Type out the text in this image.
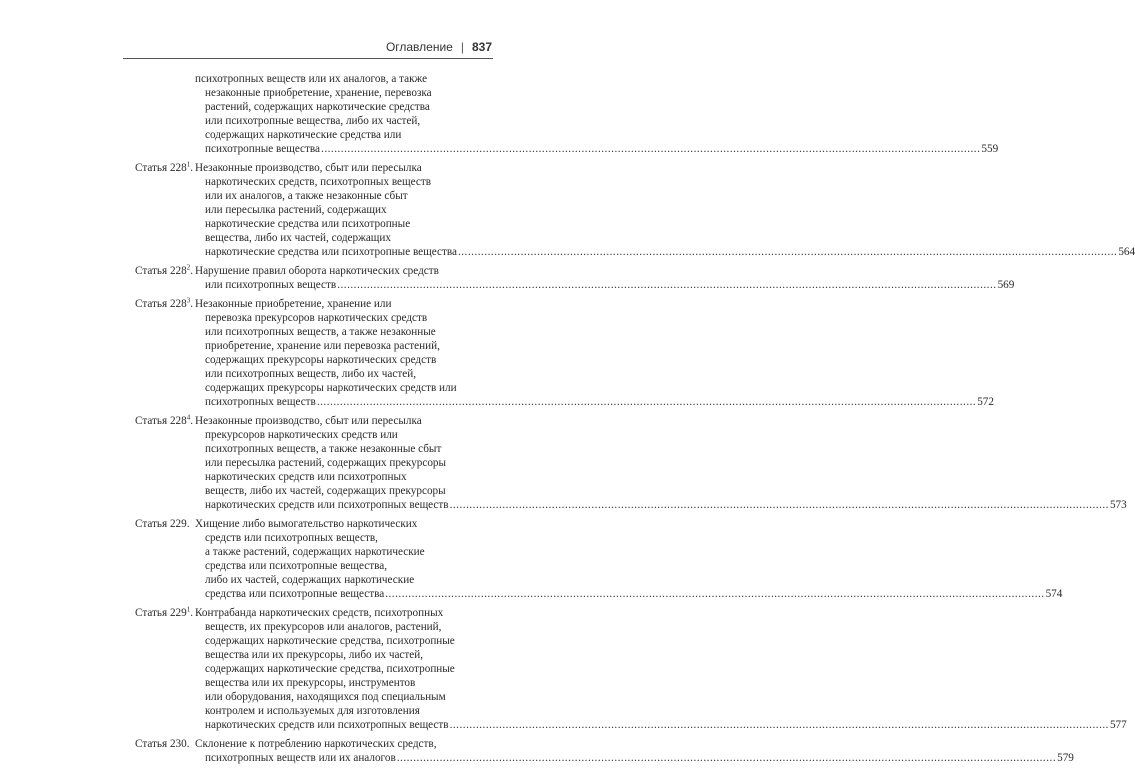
Оглавление | 837
психотропных веществ или их аналогов, а также
незаконные приобретение, хранение, перевозка
растений, содержащих наркотические средства
или психотропные вещества, либо их частей,
содержащих наркотические средства или
психотропные вещества ........................................................................................................................................................................................................ 559
Статья $228^1$. Незаконные производство, сбыт или пересылка
наркотических средств, психотропных веществ
или их аналогов, а также незаконные сбыт
или пересылка растений, содержащих
наркотические средства или психотропные
вещества, либо их частей, содержащих
наркотические средства или психотропные вещества ........................................................................................................................................................................................................ 564
Статья $228^2$. Нарушение правил оборота наркотических средств
или психотропных веществ ........................................................................................................................................................................................................ 569
Статья $228^3$. Незаконные приобретение, хранение или
перевозка прекурсоров наркотических средств
или психотропных веществ, а также незаконные
приобретение, хранение или перевозка растений,
содержащих прекурсоры наркотических средств
или психотропных веществ, либо их частей,
содержащих прекурсоры наркотических средств или
психотропных веществ ........................................................................................................................................................................................................ 572
Статья $228^4$. Незаконные производство, сбыт или пересылка
прекурсоров наркотических средств или
психотропных веществ, а также незаконные сбыт
или пересылка растений, содержащих прекурсоры
наркотических средств или психотропных
веществ, либо их частей, содержащих прекурсоры
наркотических средств или психотропных веществ ........................................................................................................................................................................................................ 573
Статья 229. Хищение либо вымогательство наркотических
средств или психотропных веществ,
а также растений, содержащих наркотические
средства или психотропные вещества,
либо их частей, содержащих наркотические
средства или психотропные вещества ........................................................................................................................................................................................................ 574
Статья $229^1$. Контрабанда наркотических средств, психотропных
веществ, их прекурсоров или аналогов, растений,
содержащих наркотические средства, психотропные
вещества или их прекурсоры, либо их частей,
содержащих наркотические средства, психотропные
вещества или их прекурсоры, инструментов
или оборудования, находящихся под специальным
контролем и используемых для изготовления
наркотических средств или психотропных веществ ........................................................................................................................................................................................................ 577
Статья 230. Склонение к потреблению наркотических средств,
психотропных веществ или их аналогов ........................................................................................................................................................................................................ 579
